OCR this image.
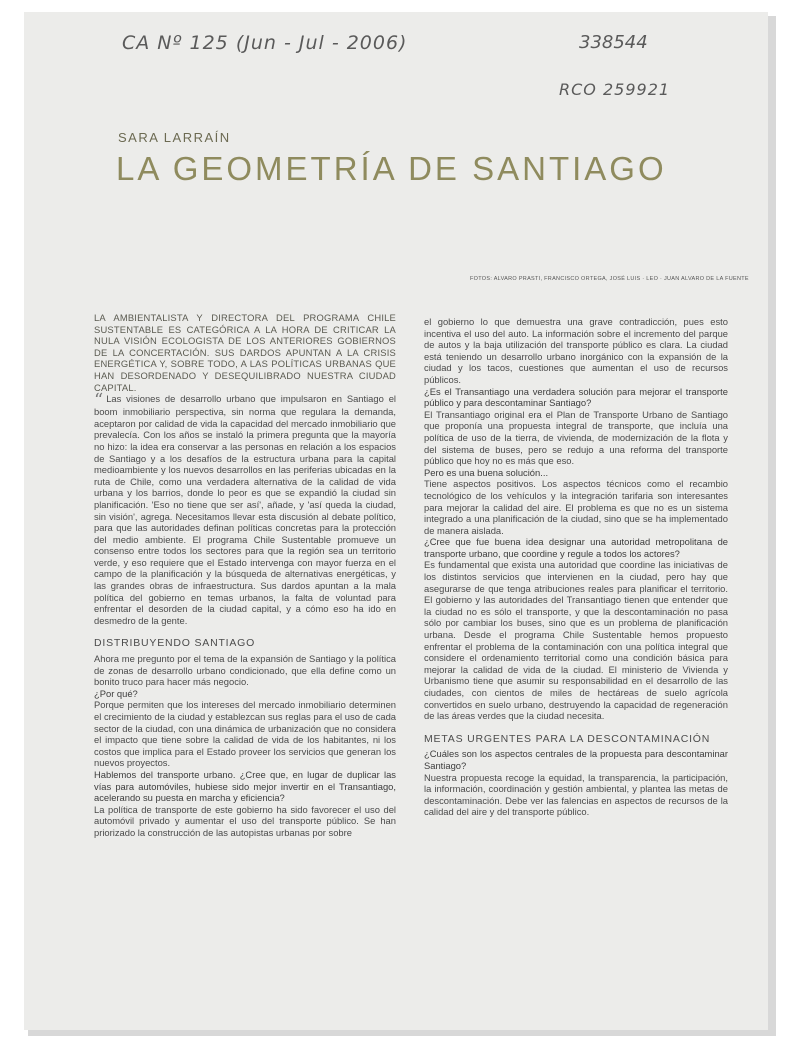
CA Nº 125 (Jun - Jul - 2006)	338544
RCO 259921
SARA LARRAÍN
LA GEOMETRÍA DE SANTIAGO
FOTOS: ALVARO PRASTI, FRANCISCO ORTEGA, JOSÉ LUIS · LEO · JUAN ALVARO DE LA FUENTE

LA AMBIENTALISTA Y DIRECTORA DEL PROGRAMA CHILE SUSTENTABLE ES CATEGÓRICA A LA HORA DE CRITICAR LA NULA VISIÓN ECOLOGISTA DE LOS ANTERIORES GOBIERNOS DE LA CONCERTACIÓN. SUS DARDOS APUNTAN A LA CRISIS ENERGÉTICA Y, SOBRE TODO, A LAS POLÍTICAS URBANAS QUE HAN DESORDENADO Y DESEQUILIBRADO NUESTRA CIUDAD CAPITAL.

“ Las visiones de desarrollo urbano que impulsaron en Santiago el boom inmobiliario perspectiva, sin norma que regulara la demanda, aceptaron por calidad de vida la capacidad del mercado inmobiliario que prevalecía. Con los años se instaló la primera pregunta que la mayoría no hizo: la idea era conservar a las personas en relación a los espacios de Santiago y a los desafíos de la estructura urbana para la capital medioambiente y los nuevos desarrollos en las periferias ubicadas en la ruta de Chile, como una verdadera alternativa de la calidad de vida urbana y los barrios, donde lo peor es que se expandió la ciudad sin planificación. 'Eso no tiene que ser así', añade, y 'así queda la ciudad, sin visión', agrega. Necesitamos llevar esta discusión al debate político, para que las autoridades definan políticas concretas para la protección del medio ambiente. El programa Chile Sustentable promueve un consenso entre todos los sectores para que la región sea un territorio verde, y eso requiere que el Estado intervenga con mayor fuerza en el campo de la planificación y la búsqueda de alternativas energéticas, y las grandes obras de infraestructura. Sus dardos apuntan a la mala política del gobierno en temas urbanos, la falta de voluntad para enfrentar el desorden de la ciudad capital, y a cómo eso ha ido en desmedro de la gente.

DISTRIBUYENDO SANTIAGO

Ahora me pregunto por el tema de la expansión de Santiago y la política de zonas de desarrollo urbano condicionado, que ella define como un bonito truco para hacer más negocio.

¿Por qué?

Porque permiten que los intereses del mercado inmobiliario determinen el crecimiento de la ciudad y establezcan sus reglas para el uso de cada sector de la ciudad, con una dinámica de urbanización que no considera el impacto que tiene sobre la calidad de vida de los habitantes, ni los costos que implica para el Estado proveer los servicios que generan los nuevos proyectos.

Hablemos del transporte urbano. ¿Cree que, en lugar de duplicar las vías para automóviles, hubiese sido mejor invertir en el Transantiago, acelerando su puesta en marcha y eficiencia?

La política de transporte de este gobierno ha sido favorecer el uso del automóvil privado y aumentar el uso del transporte público. Se han priorizado la construcción de las autopistas urbanas por sobre

el gobierno lo que demuestra una grave contradicción, pues esto incentiva el uso del auto. La información sobre el incremento del parque de autos y la baja utilización del transporte público es clara. La ciudad está teniendo un desarrollo urbano inorgánico con la expansión de la ciudad y los tacos, cuestiones que aumentan el uso de recursos públicos.

¿Es el Transantiago una verdadera solución para mejorar el transporte público y para descontaminar Santiago?

El Transantiago original era el Plan de Transporte Urbano de Santiago que proponía una propuesta integral de transporte, que incluía una política de uso de la tierra, de vivienda, de modernización de la flota y del sistema de buses, pero se redujo a una reforma del transporte público que hoy no es más que eso.

Pero es una buena solución...

Tiene aspectos positivos. Los aspectos técnicos como el recambio tecnológico de los vehículos y la integración tarifaria son interesantes para mejorar la calidad del aire. El problema es que no es un sistema integrado a una planificación de la ciudad, sino que se ha implementado de manera aislada.

¿Cree que fue buena idea designar una autoridad metropolitana de transporte urbano, que coordine y regule a todos los actores?

Es fundamental que exista una autoridad que coordine las iniciativas de los distintos servicios que intervienen en la ciudad, pero hay que asegurarse de que tenga atribuciones reales para planificar el territorio. El gobierno y las autoridades del Transantiago tienen que entender que la ciudad no es sólo el transporte, y que la descontaminación no pasa sólo por cambiar los buses, sino que es un problema de planificación urbana. Desde el programa Chile Sustentable hemos propuesto enfrentar el problema de la contaminación con una política integral que considere el ordenamiento territorial como una condición básica para mejorar la calidad de vida de la ciudad. El ministerio de Vivienda y Urbanismo tiene que asumir su responsabilidad en el desarrollo de las ciudades, con cientos de miles de hectáreas de suelo agrícola convertidos en suelo urbano, destruyendo la capacidad de regeneración de las áreas verdes que la ciudad necesita.

METAS URGENTES PARA LA DESCONTAMINACIÓN

¿Cuáles son los aspectos centrales de la propuesta para descontaminar Santiago?

Nuestra propuesta recoge la equidad, la transparencia, la participación, la información, coordinación y gestión ambiental, y plantea las metas de descontaminación. Debe ver las falencias en aspectos de recursos de la calidad del aire y del transporte público.
